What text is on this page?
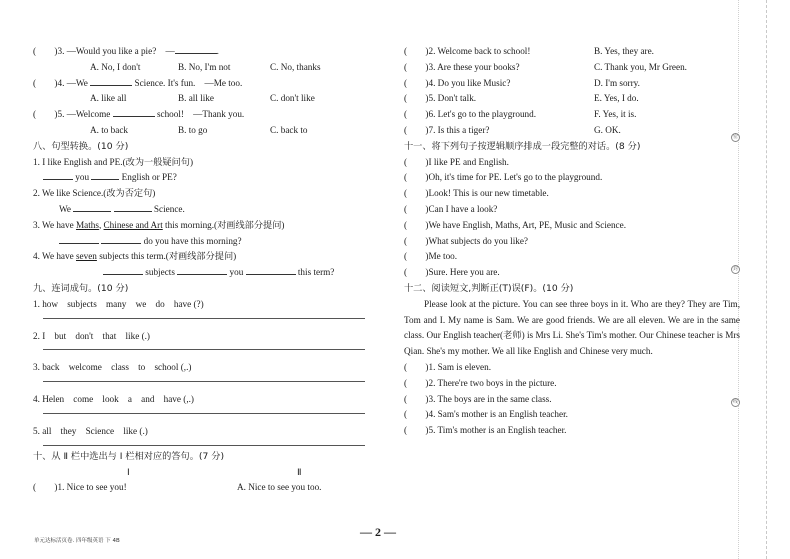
密
封
线
(　　)3. —Would you like a pie?　—	.
A. No, I don't	B. No, I'm not	C. No, thanks
(　　)4. —We	Science. It's fun.　—Me too.
A. like all	B. all like	C. don't like
(　　)5. —Welcome	school!　—Thank you.
A. to back	B. to go	C. back to
八、句型转换。(10 分)
1. I like English and PE.(改为一般疑问句)
you	English or PE?
2. We like Science.(改为否定句)
We	Science.
3. We have Maths, Chinese and Art this morning.(对画线部分提问)
do you have this morning?
4. We have seven subjects this term.(对画线部分提问)
subjects	you	this term?
九、连词成句。(10 分)
1. how　subjects　many　we　do　have (?)
2. I　but　don't　that　like (.)
3. back　welcome　class　to　school (,.)
4. Helen　come　look　a　and　have (,.)
5. all　they　Science　like (.)
十、从 Ⅱ 栏中选出与 Ⅰ 栏相对应的答句。(7 分)
Ⅰ	Ⅱ
(　　)1. Nice to see you!	A. Nice to see you too.
(　　)2. Welcome back to school!	B. Yes, they are.
(　　)3. Are these your books?	C. Thank you, Mr Green.
(　　)4. Do you like Music?	D. I'm sorry.
(　　)5. Don't talk.	E. Yes, I do.
(　　)6. Let's go to the playground.	F. Yes, it is.
(　　)7. Is this a tiger?	G. OK.
十一、将下列句子按逻辑顺序排成一段完整的对话。(8 分)
(　　)I like PE and English.
(　　)Oh, it's time for PE. Let's go to the playground.
(　　)Look! This is our new timetable.
(　　)Can I have a look?
(　　)We have English, Maths, Art, PE, Music and Science.
(　　)What subjects do you like?
(　　)Me too.
(　　)Sure. Here you are.
十二、阅读短文,判断正(T)误(F)。(10 分)
Please look at the picture. You can see three boys in it. Who are they? They are Tim, Tom and I. My name is Sam. We are good friends. We are all eleven. We are in the same class. Our English teacher(老师) is Mrs Li. She's Tim's mother. Our Chinese teacher is Mrs Qian. She's my mother. We all like English and Chinese very much.
(　　)1. Sam is eleven.
(　　)2. There're two boys in the picture.
(　　)3. The boys are in the same class.
(　　)4. Sam's mother is an English teacher.
(　　)5. Tim's mother is an English teacher.
— 2 —
单元达标活页卷. 四年级英语 下 4B
